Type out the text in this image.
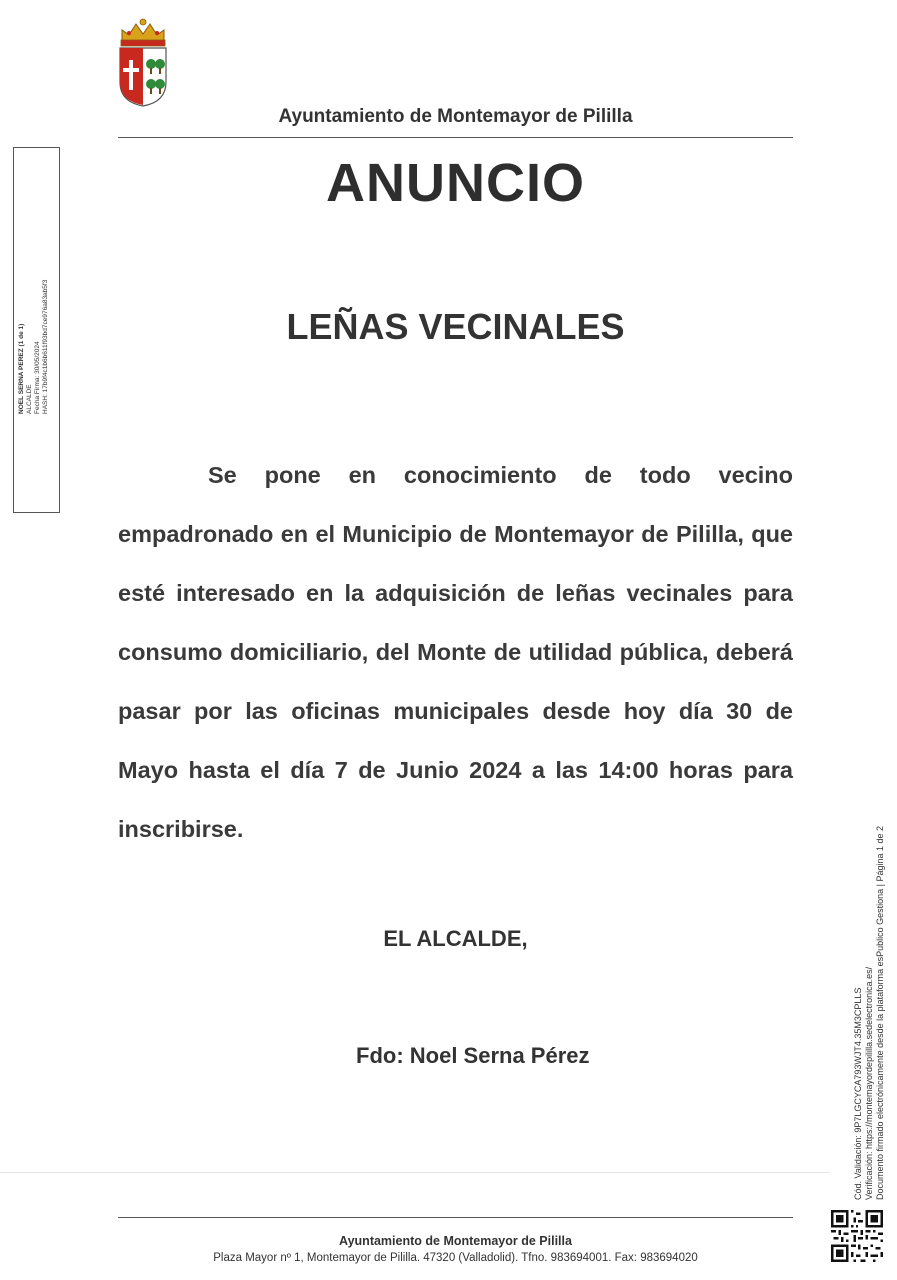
Ayuntamiento de Montemayor de Pililla
ANUNCIO
LEÑAS VECINALES

Se pone en conocimiento de todo vecino empadronado en el Municipio de Montemayor de Pililla, que esté interesado en la adquisición de leñas vecinales para consumo domiciliario, del Monte de utilidad pública, deberá pasar por las oficinas municipales desde hoy día 30 de Mayo hasta el día 7 de Junio 2024 a las 14:00 horas para inscribirse.

EL ALCALDE,
Fdo: Noel Serna Pérez
NOEL SERNA PEREZ (1 de 1) ALCALDE Fecha Firma: 30/05/2024 HASH: 17b9f4c1b6b611f93bd7ce976a83ab5f3
Cód. Validación: 9P7LGCYCA793WJT4.35M3CPLLS Verificación: https://montemayordepililla.sedelectronica.es/ Documento firmado electrónicamente desde la plataforma esPublico Gestiona | Página 1 de 2
Ayuntamiento de Montemayor de Pililla
Plaza Mayor nº 1, Montemayor de Pililla. 47320 (Valladolid). Tfno. 983694001. Fax: 983694020
